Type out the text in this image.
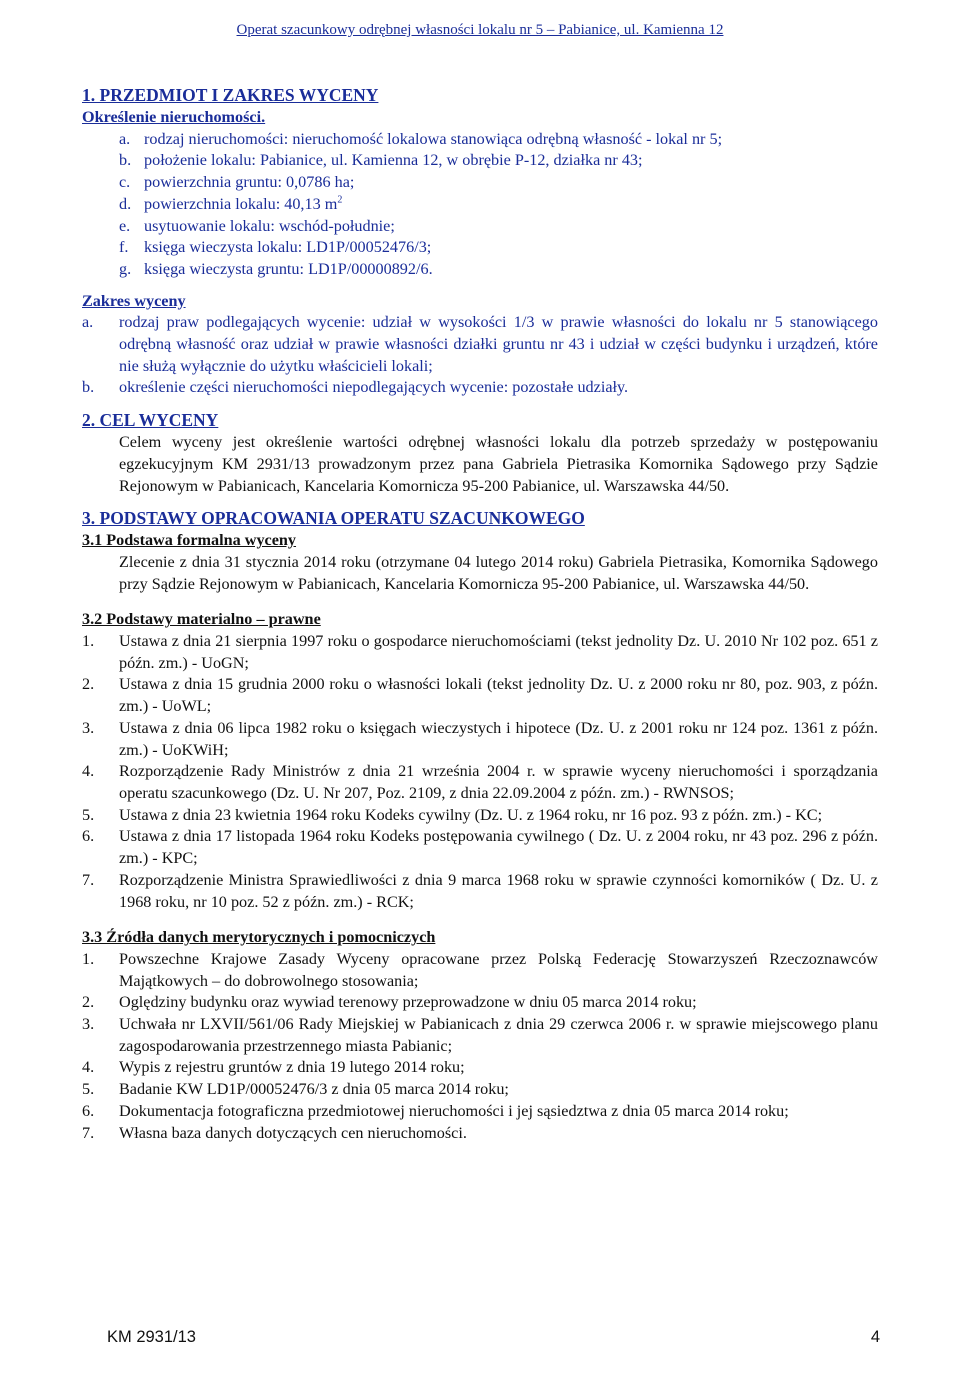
Operat szacunkowy odrębnej własności lokalu nr 5 – Pabianice, ul. Kamienna 12
1. PRZEDMIOT I ZAKRES WYCENY
Określenie nieruchomości.
a. rodzaj nieruchomości: nieruchomość lokalowa stanowiąca odrębną własność - lokal nr 5;
b. położenie lokalu: Pabianice, ul. Kamienna 12, w obrębie P-12, działka nr 43;
c. powierzchnia gruntu: 0,0786 ha;
d. powierzchnia lokalu: 40,13 $m^2$
e. usytuowanie lokalu: wschód-południe;
f. księga wieczysta lokalu: LD1P/00052476/3;
g. księga wieczysta gruntu: LD1P/00000892/6.
Zakres wyceny
a.	rodzaj praw podlegających wycenie: udział w wysokości 1/3 w prawie własności do lokalu nr 5 stanowiącego odrębną własność oraz udział w prawie własności działki gruntu nr 43 i udział w części budynku i urządzeń, które nie służą wyłącznie do użytku właścicieli lokali;
b.	określenie części nieruchomości niepodlegających wycenie: pozostałe udziały.
2. CEL WYCENY
Celem wyceny jest określenie wartości odrębnej własności lokalu dla potrzeb sprzedaży w postępowaniu egzekucyjnym KM 2931/13 prowadzonym przez pana Gabriela Pietrasika Komornika Sądowego przy Sądzie Rejonowym w Pabianicach, Kancelaria Komornicza 95-200 Pabianice, ul. Warszawska 44/50.
3. PODSTAWY OPRACOWANIA OPERATU SZACUNKOWEGO
3.1 Podstawa formalna wyceny
Zlecenie z dnia 31 stycznia 2014 roku (otrzymane 04 lutego 2014 roku) Gabriela Pietrasika, Komornika Sądowego przy Sądzie Rejonowym w Pabianicach, Kancelaria Komornicza 95-200 Pabianice, ul. Warszawska 44/50.
3.2 Podstawy materialno – prawne
1.	Ustawa z dnia 21 sierpnia 1997 roku o gospodarce nieruchomościami (tekst jednolity Dz. U. 2010 Nr 102 poz. 651 z późn. zm.) - UoGN;
2.	Ustawa z dnia 15 grudnia 2000 roku o własności lokali (tekst jednolity Dz. U. z 2000 roku nr 80, poz. 903, z późn. zm.) - UoWL;
3.	Ustawa z dnia 06 lipca 1982 roku o księgach wieczystych i hipotece (Dz. U. z 2001 roku nr 124 poz. 1361 z późn. zm.) - UoKWiH;
4.	Rozporządzenie Rady Ministrów z dnia 21 września 2004 r. w sprawie wyceny nieruchomości i sporządzania operatu szacunkowego (Dz. U. Nr 207, Poz. 2109, z dnia 22.09.2004 z późn. zm.) - RWNSOS;
5.	Ustawa z dnia 23 kwietnia 1964 roku Kodeks cywilny (Dz. U. z 1964 roku, nr 16 poz. 93 z późn. zm.) - KC;
6.	Ustawa z dnia 17 listopada 1964 roku Kodeks postępowania cywilnego ( Dz. U. z 2004 roku, nr 43 poz. 296 z późn. zm.) - KPC;
7.	Rozporządzenie Ministra Sprawiedliwości z dnia 9 marca 1968 roku w sprawie czynności komorników ( Dz. U. z 1968 roku, nr 10 poz. 52 z późn. zm.) - RCK;
3.3 Źródła danych merytorycznych i pomocniczych
1.	Powszechne Krajowe Zasady Wyceny opracowane przez Polską Federację Stowarzyszeń Rzeczoznawców Majątkowych – do dobrowolnego stosowania;
2.	Oględziny budynku oraz wywiad terenowy przeprowadzone w dniu 05 marca 2014 roku;
3.	Uchwała nr LXVII/561/06 Rady Miejskiej w Pabianicach z dnia 29 czerwca 2006 r. w sprawie miejscowego planu zagospodarowania przestrzennego miasta Pabianic;
4.	Wypis z rejestru gruntów z dnia 19 lutego 2014 roku;
5.	Badanie KW LD1P/00052476/3 z dnia 05 marca 2014 roku;
6.	Dokumentacja fotograficzna przedmiotowej nieruchomości i jej sąsiedztwa z dnia 05 marca 2014 roku;
7.	Własna baza danych dotyczących cen nieruchomości.
KM 2931/13	4
